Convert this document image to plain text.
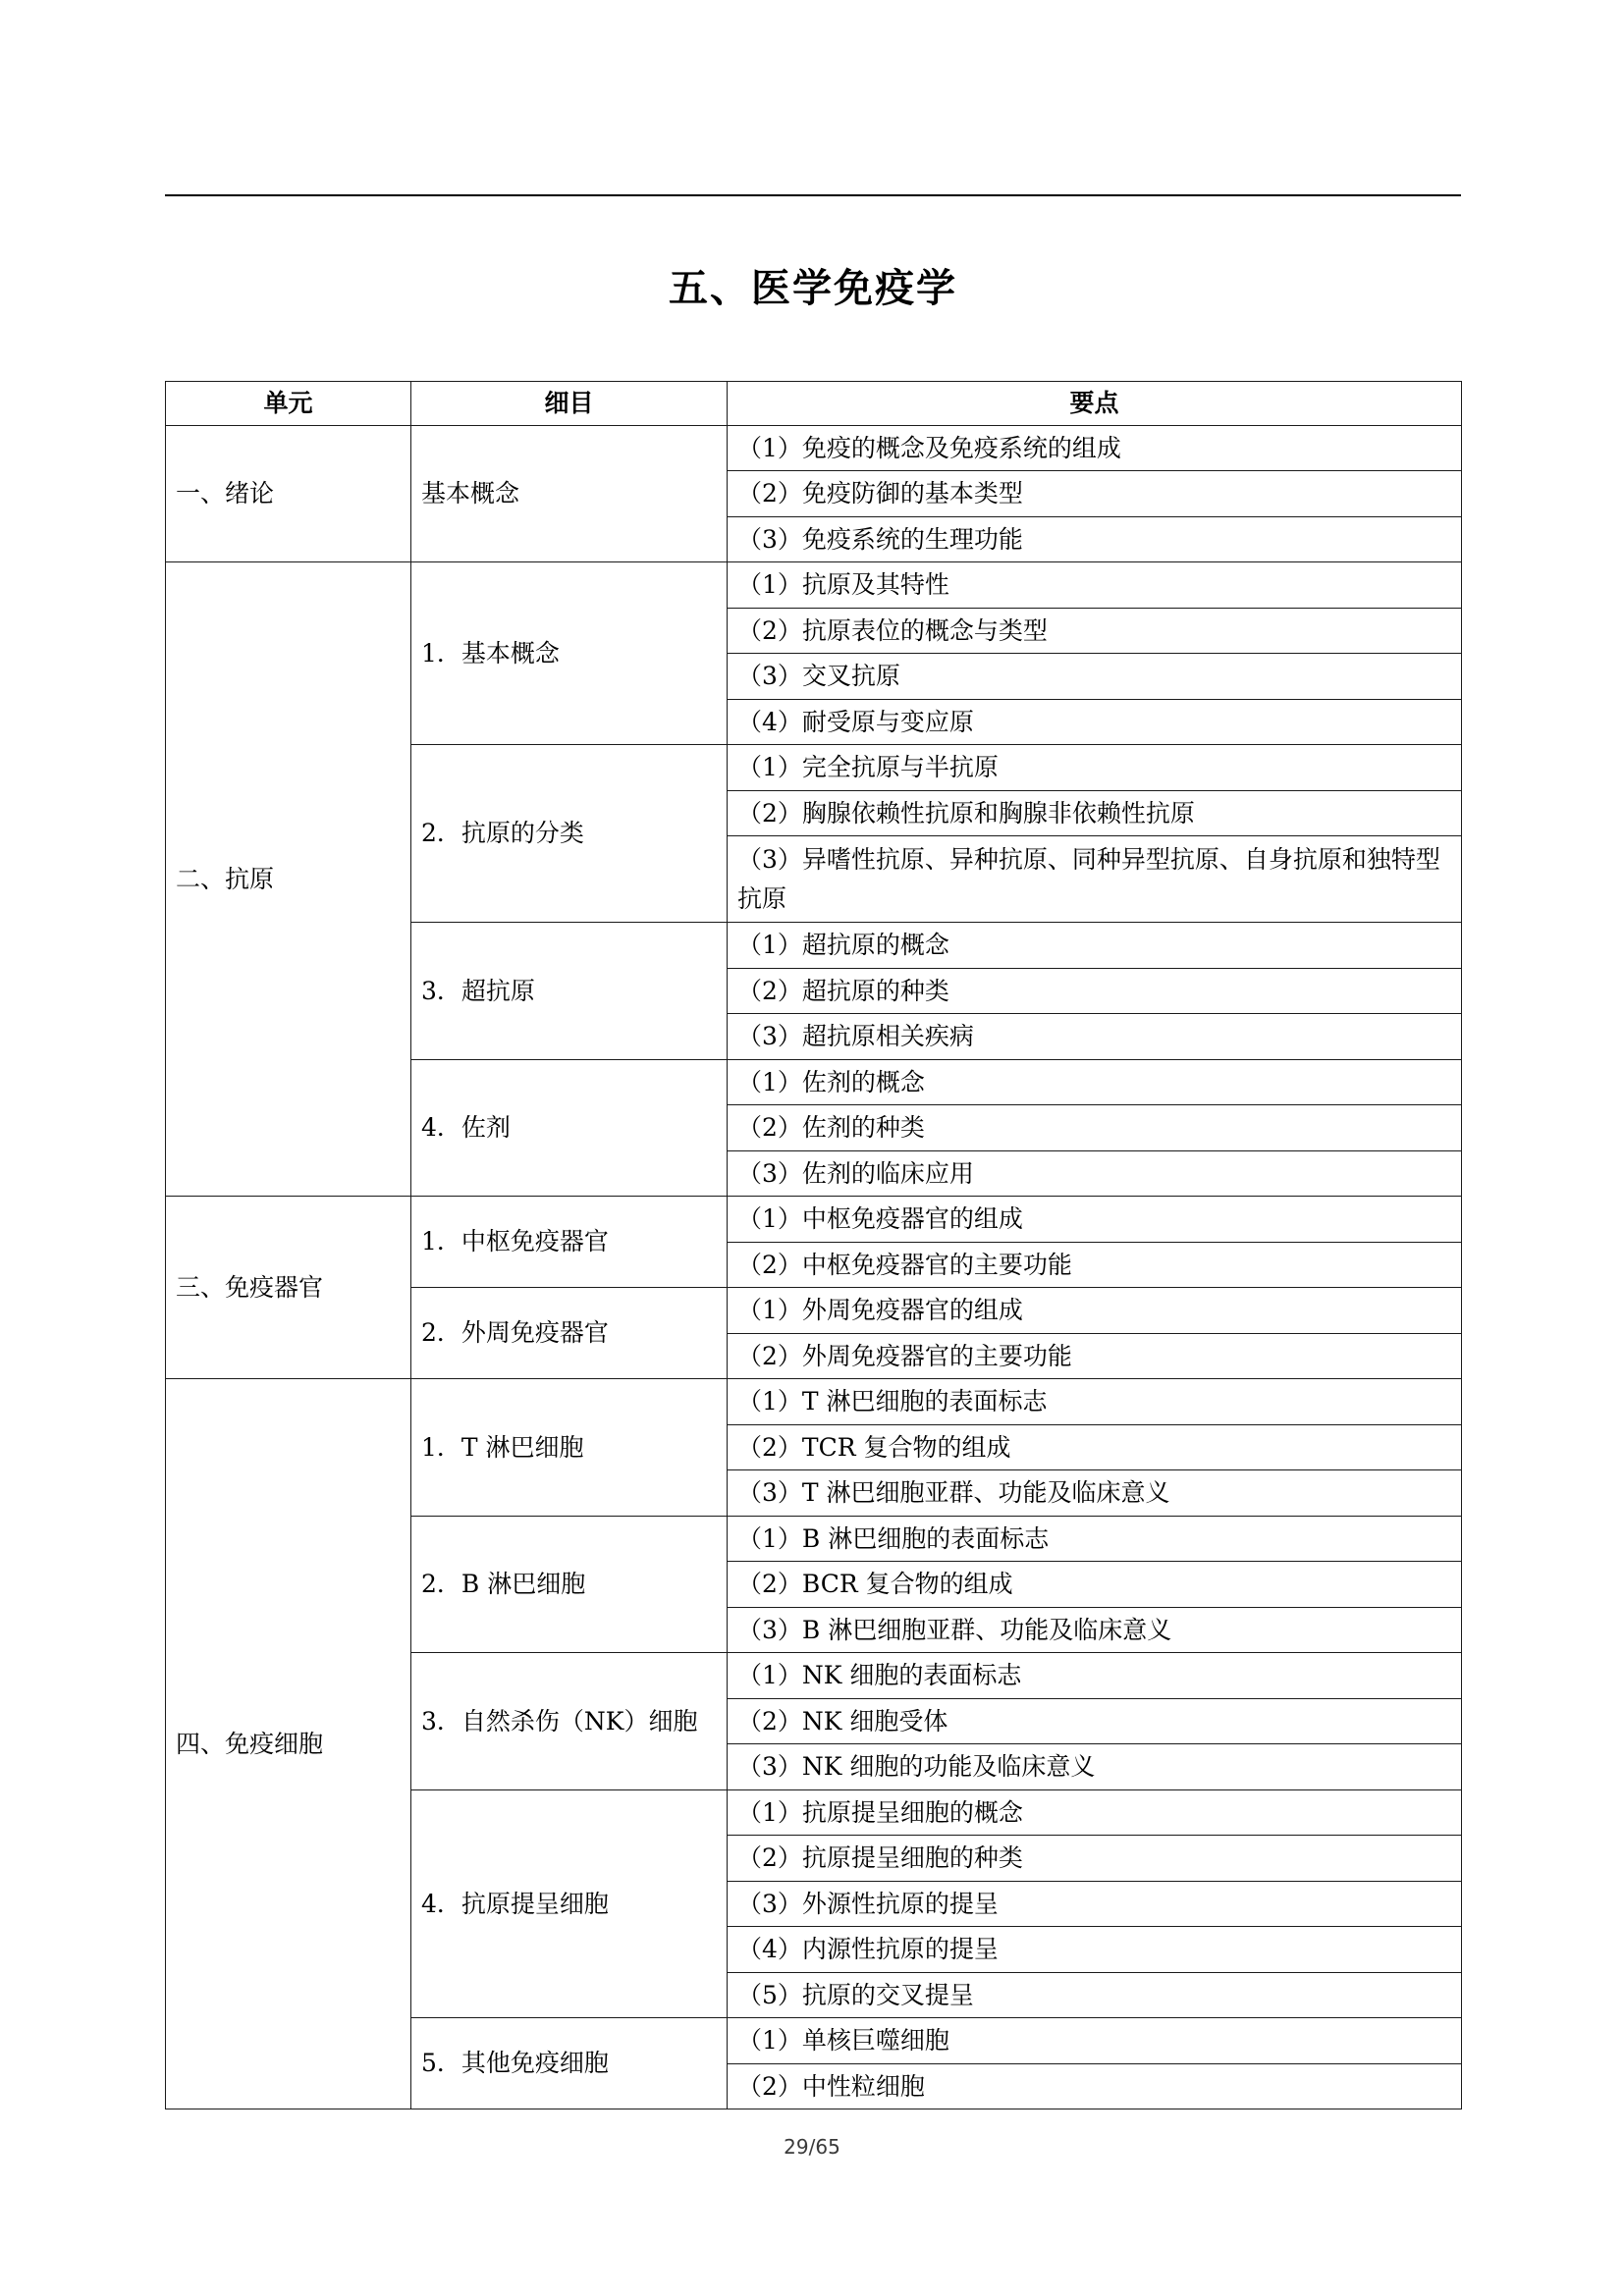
五、医学免疫学
单元	细目	要点
一、绪论	基本概念	（1）免疫的概念及免疫系统的组成
		（2）免疫防御的基本类型
		（3）免疫系统的生理功能
二、抗原	1．基本概念	（1）抗原及其特性
		（2）抗原表位的概念与类型
		（3）交叉抗原
		（4）耐受原与变应原
	2．抗原的分类	（1）完全抗原与半抗原
		（2）胸腺依赖性抗原和胸腺非依赖性抗原
		（3）异嗜性抗原、异种抗原、同种异型抗原、自身抗原和独特型抗原
	3．超抗原	（1）超抗原的概念
		（2）超抗原的种类
		（3）超抗原相关疾病
	4．佐剂	（1）佐剂的概念
		（2）佐剂的种类
		（3）佐剂的临床应用
三、免疫器官	1．中枢免疫器官	（1）中枢免疫器官的组成
		（2）中枢免疫器官的主要功能
	2．外周免疫器官	（1）外周免疫器官的组成
		（2）外周免疫器官的主要功能
四、免疫细胞	1．T 淋巴细胞	（1）T 淋巴细胞的表面标志
		（2）TCR 复合物的组成
		（3）T 淋巴细胞亚群、功能及临床意义
	2．B 淋巴细胞	（1）B 淋巴细胞的表面标志
		（2）BCR 复合物的组成
		（3）B 淋巴细胞亚群、功能及临床意义
	3．自然杀伤（NK）细胞	（1）NK 细胞的表面标志
		（2）NK 细胞受体
		（3）NK 细胞的功能及临床意义
	4．抗原提呈细胞	（1）抗原提呈细胞的概念
		（2）抗原提呈细胞的种类
		（3）外源性抗原的提呈
		（4）内源性抗原的提呈
		（5）抗原的交叉提呈
	5．其他免疫细胞	（1）单核巨噬细胞
		（2）中性粒细胞
29/65
